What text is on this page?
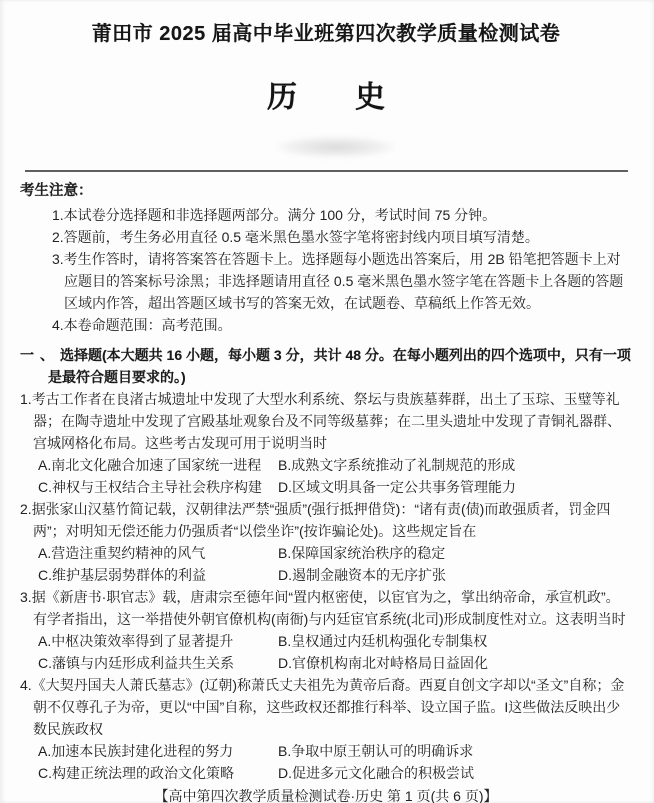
莆田市 2025 届高中毕业班第四次教学质量检测试卷
历　史
考生注意：
1.本试卷分选择题和非选择题两部分。满分 100 分，考试时间 75 分钟。
2.答题前，考生务必用直径 0.5 毫米黑色墨水签字笔将密封线内项目填写清楚。
3.考生作答时，请将答案答在答题卡上。选择题每小题选出答案后，用 2B 铅笔把答题卡上对应题目的答案标号涂黑；非选择题请用直径 0.5 毫米黑色墨水签字笔在答题卡上各题的答题区域内作答，超出答题区域书写的答案无效，在试题卷、草稿纸上作答无效。
4.本卷命题范围：高考范围。
一、选择题(本大题共 16 小题，每小题 3 分，共计 48 分。在每小题列出的四个选项中，只有一项是最符合题目要求的。)

1.考古工作者在良渚古城遗址中发现了大型水利系统、祭坛与贵族墓葬群，出土了玉琮、玉璧等礼器；在陶寺遗址中发现了宫殿基址观象台及不同等级墓葬；在二里头遗址中发现了青铜礼器群、宫城网格化布局。这些考古发现可用于说明当时

A.南北文化融合加速了国家统一进程	B.成熟文字系统推动了礼制规范的形成
C.神权与王权结合主导社会秩序构建	D.区域文明具备一定公共事务管理能力

2.据张家山汉墓竹简记载，汉朝律法严禁“强质”(强行抵押借贷)：“诸有责(债)而敢强质者，罚金四两”；对明知无偿还能力仍强质者“以偿坐诈”(按诈骗论处)。这些规定旨在

A.营造注重契约精神的风气	B.保障国家统治秩序的稳定
C.维护基层弱势群体的利益	D.遏制金融资本的无序扩张

3.据《新唐书·职官志》载，唐肃宗至德年间“置内枢密使，以宦官为之，掌出纳帝命，承宣机政”。有学者指出，这一举措使外朝官僚机构(南衙)与内廷宦官系统(北司)形成制度性对立。这表明当时

A.中枢决策效率得到了显著提升	B.皇权通过内廷机构强化专制集权
C.藩镇与内廷形成利益共生关系	D.官僚机构南北对峙格局日益固化

4.《大契丹国夫人萧氏墓志》(辽朝)称萧氏丈夫祖先为黄帝后裔。西夏自创文字却以“圣文”自称；金朝不仅尊孔子为帝，更以“中国”自称，这些政权还都推行科举、设立国子监。I这些做法反映出少数民族政权

A.加速本民族封建化进程的努力	B.争取中原王朝认可的明确诉求
C.构建正统法理的政治文化策略	D.促进多元文化融合的积极尝试
【高中第四次教学质量检测试卷·历史 第 1 页(共 6 页)】
